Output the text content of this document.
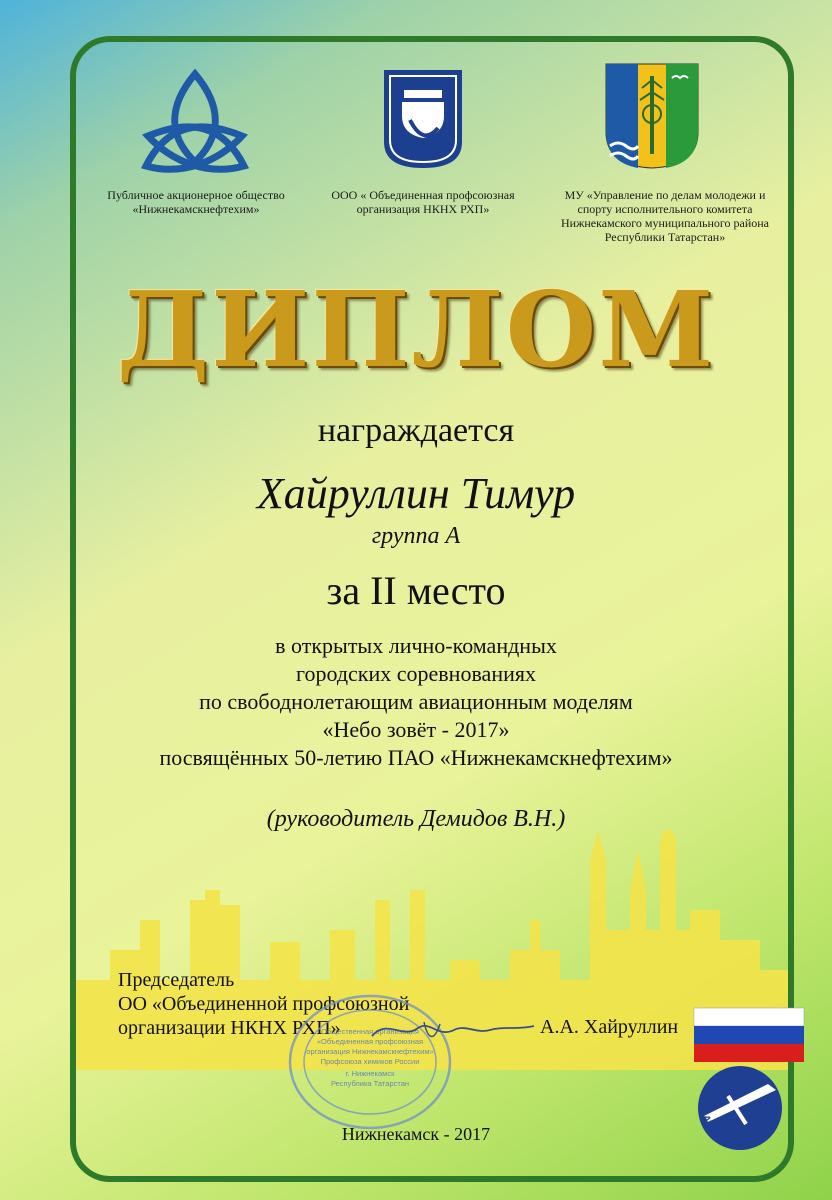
Публичное акционерное общество «Нижнекамскнефтехим»
ООО « Объединенная профсоюзная организация НКНХ РХП»
МУ «Управление по делам молодежи и спорту исполнительного комитета Нижнекамского муниципального района Республики Татарстан»
ДИПЛОМ
награждается
Хайруллин Тимур
группа А
за II место
в открытых лично-командных
городских соревнованиях
по свободнолетающим авиационным моделям
«Небо зовёт - 2017»
посвящённых 50-летию ПАО «Нижнекамскнефтехим»
(руководитель Демидов В.Н.)
Председатель
ОО «Объединенной профсоюзной
организации НКНХ РХП»	А.А. Хайруллин
Общественная организация
«Объединенная профсоюзная
организация Нижнекамскнефтехим»
Профсоюза химиков России
г. Нижнекамск
Республика Татарстан
АВИАМОДЕЛИСТ
Нижнекамск - 2017
